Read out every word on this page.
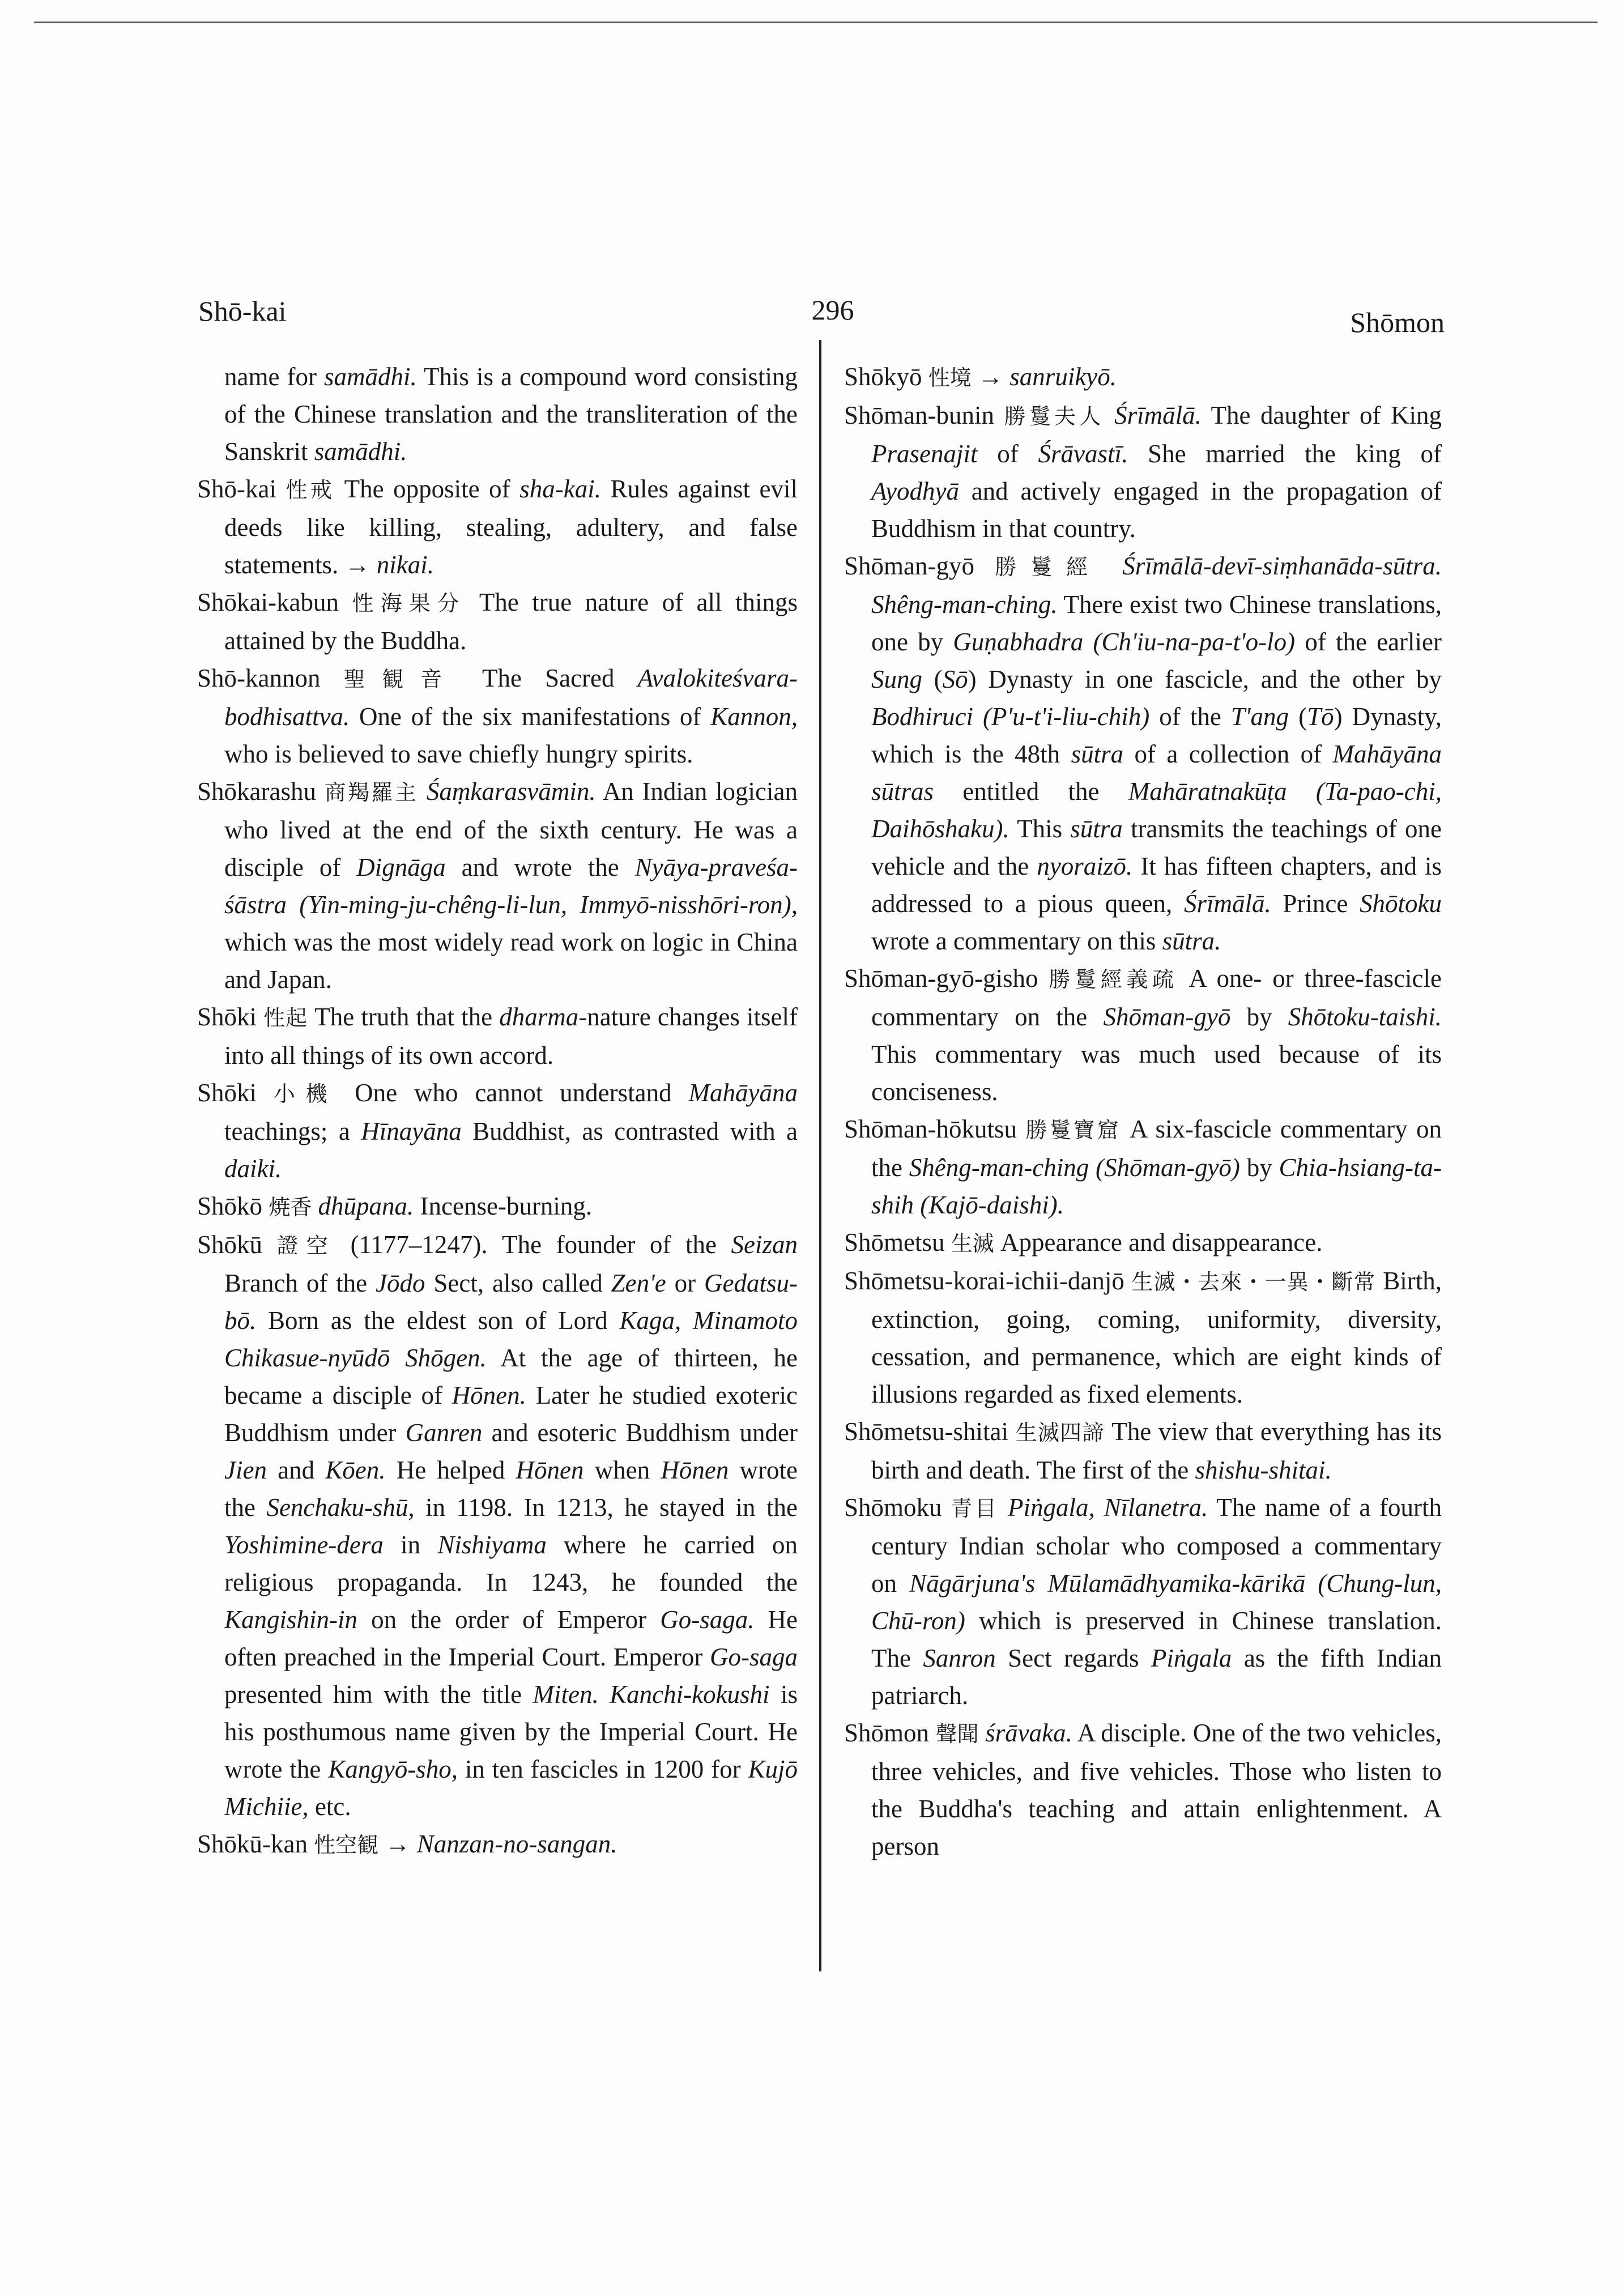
Shō-kai	296	Shōmon

name for samādhi. This is a compound word consisting of the Chinese translation and the transliteration of the Sanskrit samādhi.

Shō-kai 性戒 The opposite of sha-kai. Rules against evil deeds like killing, stealing, adultery, and false statements. → nikai.

Shōkai-kabun 性海果分 The true nature of all things attained by the Buddha.

Shō-kannon 聖観音 The Sacred Avalokiteśvara-bodhisattva. One of the six manifestations of Kannon, who is believed to save chiefly hungry spirits.

Shōkarashu 商羯羅主 Śaṃkarasvāmin. An Indian logician who lived at the end of the sixth century. He was a disciple of Dignāga and wrote the Nyāya-praveśa-śāstra (Yin-ming-ju-chêng-li-lun, Immyō-nisshōri-ron), which was the most widely read work on logic in China and Japan.

Shōki 性起 The truth that the dharma-nature changes itself into all things of its own accord.

Shōki 小機 One who cannot understand Mahāyāna teachings; a Hīnayāna Buddhist, as contrasted with a daiki.

Shōkō 焼香 dhūpana. Incense-burning.

Shōkū 證空 (1177–1247). The founder of the Seizan Branch of the Jōdo Sect, also called Zen'e or Gedatsu-bō. Born as the eldest son of Lord Kaga, Minamoto Chikasue-nyūdō Shōgen. At the age of thirteen, he became a disciple of Hōnen. Later he studied exoteric Buddhism under Ganren and esoteric Buddhism under Jien and Kōen. He helped Hōnen when Hōnen wrote the Senchaku-shū, in 1198. In 1213, he stayed in the Yoshimine-dera in Nishiyama where he carried on religious propaganda. In 1243, he founded the Kangishin-in on the order of Emperor Go-saga. He often preached in the Imperial Court. Emperor Go-saga presented him with the title Miten. Kanchi-kokushi is his posthumous name given by the Imperial Court. He wrote the Kangyō-sho, in ten fascicles in 1200 for Kujō Michiie, etc.

Shōkū-kan 性空観 → Nanzan-no-sangan.

Shōkyō 性境 → sanruikyō.

Shōman-bunin 勝鬘夫人 Śrīmālā. The daughter of King Prasenajit of Śrāvastī. She married the king of Ayodhyā and actively engaged in the propagation of Buddhism in that country.

Shōman-gyō 勝鬘經 Śrīmālā-devī-siṃhanāda-sūtra. Shêng-man-ching. There exist two Chinese translations, one by Guṇabhadra (Ch'iu-na-pa-t'o-lo) of the earlier Sung (Sō) Dynasty in one fascicle, and the other by Bodhiruci (P'u-t'i-liu-chih) of the T'ang (Tō) Dynasty, which is the 48th sūtra of a collection of Mahāyāna sūtras entitled the Mahāratnakūṭa (Ta-pao-chi, Daihōshaku). This sūtra transmits the teachings of one vehicle and the nyoraizō. It has fifteen chapters, and is addressed to a pious queen, Śrīmālā. Prince Shōtoku wrote a commentary on this sūtra.

Shōman-gyō-gisho 勝鬘經義疏 A one- or three-fascicle commentary on the Shōman-gyō by Shōtoku-taishi. This commentary was much used because of its conciseness.

Shōman-hōkutsu 勝鬘寶窟 A six-fascicle commentary on the Shêng-man-ching (Shōman-gyō) by Chia-hsiang-ta-shih (Kajō-daishi).

Shōmetsu 生滅 Appearance and disappearance.

Shōmetsu-korai-ichii-danjō 生滅・去來・一異・斷常 Birth, extinction, going, coming, uniformity, diversity, cessation, and permanence, which are eight kinds of illusions regarded as fixed elements.

Shōmetsu-shitai 生滅四諦 The view that everything has its birth and death. The first of the shishu-shitai.

Shōmoku 青目 Piṅgala, Nīlanetra. The name of a fourth century Indian scholar who composed a commentary on Nāgārjuna's Mūlamādhyamika-kārikā (Chung-lun, Chū-ron) which is preserved in Chinese translation. The Sanron Sect regards Piṅgala as the fifth Indian patriarch.

Shōmon 聲聞 śrāvaka. A disciple. One of the two vehicles, three vehicles, and five vehicles. Those who listen to the Buddha's teaching and attain enlightenment. A person
